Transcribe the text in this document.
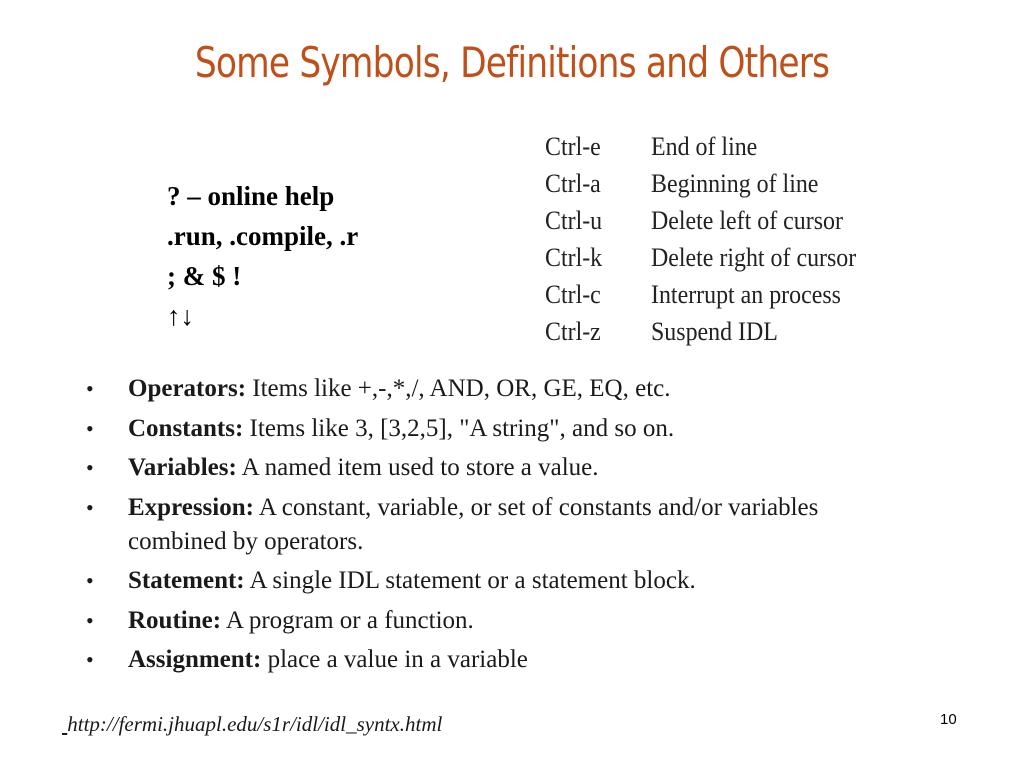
Some Symbols, Definitions and Others
? – online help
.run, .compile, .r
; & $ !
↑↓
Ctrl-e	End of line
Ctrl-a	Beginning of line
Ctrl-u	Delete left of cursor
Ctrl-k	Delete right of cursor
Ctrl-c	Interrupt an process
Ctrl-z	Suspend IDL
• Operators: Items like +,-,*,/, AND, OR, GE, EQ, etc.
• Constants: Items like 3, [3,2,5], "A string", and so on.
• Variables: A named item used to store a value.
• Expression: A constant, variable, or set of constants and/or variables combined by operators.
• Statement: A single IDL statement or a statement block.
• Routine: A program or a function.
• Assignment: place a value in a variable
http://fermi.jhuapl.edu/s1r/idl/idl_syntx.html	10
